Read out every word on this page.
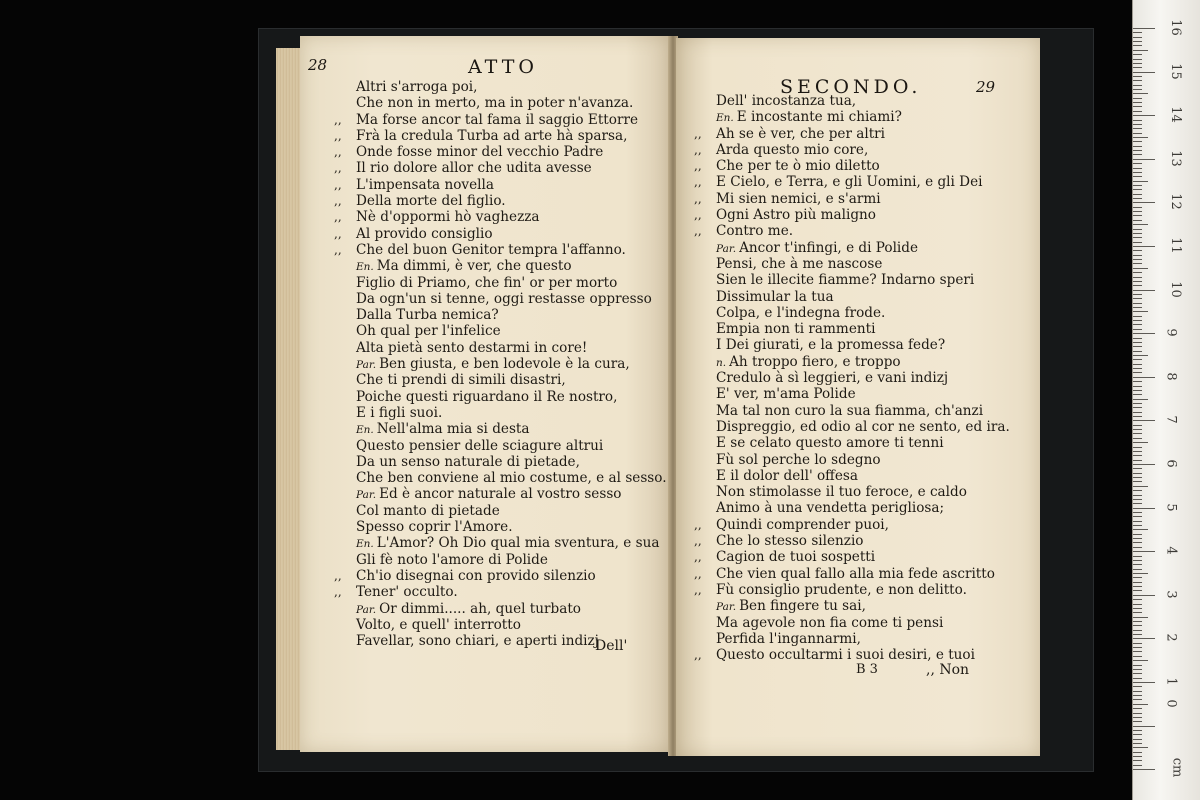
28	ATTO
Altri s'arroga poi,
Che non in merto, ma in poter n'avanza.
,, Ma forse ancor tal fama il saggio Ettorre
,, Frà la credula Turba ad arte hà sparsa,
,, Onde fosse minor del vecchio Padre
,, Il rio dolore allor che udita avesse
,, L'impensata novella
,, Della morte del figlio.
,, Nè d'oppormi hò vaghezza
,, Al provido consiglio
,, Che del buon Genitor tempra l'affanno.
En. Ma dimmi, è ver, che questo
Figlio di Priamo, che fin' or per morto
Da ogn'un si tenne, oggi restasse oppresso
Dalla Turba nemica?
Oh qual per l'infelice
Alta pietà sento destarmi in core!
Par. Ben giusta, e ben lodevole è la cura,
Che ti prendi di simili disastri,
Poiche questi riguardano il Re nostro,
E i figli suoi.
En. Nell'alma mia si desta
Questo pensier delle sciagure altrui
Da un senso naturale di pietade,
Che ben conviene al mio costume, e al sesso.
Par. Ed è ancor naturale al vostro sesso
Col manto di pietade
Spesso coprir l'Amore.
En. L'Amor? Oh Dio qual mia sventura, e sua
Gli fè noto l'amore di Polide
,, Ch'io disegnai con provido silenzio
,, Tener' occulto.
Par. Or dimmi..... ah, quel turbato
Volto, e quell' interrotto
Favellar, sono chiari, e aperti indizj
Dell'
SECONDO.	29
Dell' incostanza tua,
En. E incostante mi chiami?
,, Ah se è ver, che per altri
,, Arda questo mio core,
,, Che per te ò mio diletto
,, E Cielo, e Terra, e gli Uomini, e gli Dei
,, Mi sien nemici, e s'armi
,, Ogni Astro più maligno
,, Contro me.
Par. Ancor t'infingi, e di Polide
Pensi, che à me nascose
Sien le illecite fiamme? Indarno speri
Dissimular la tua
Colpa, e l'indegna frode.
Empia non ti rammenti
I Dei giurati, e la promessa fede?
n. Ah troppo fiero, e troppo
Credulo à sì leggieri, e vani indizj
E' ver, m'ama Polide
Ma tal non curo la sua fiamma, ch'anzi
Dispreggio, ed odio al cor ne sento, ed ira.
E se celato questo amore ti tenni
Fù sol perche lo sdegno
E il dolor dell' offesa
Non stimolasse il tuo feroce, e caldo
Animo à una vendetta perigliosa;
,, Quindi comprender puoi,
,, Che lo stesso silenzio
,, Cagion de tuoi sospetti
,, Che vien qual fallo alla mia fede ascritto
,, Fù consiglio prudente, e non delitto.
Par. Ben fingere tu sai,
Ma agevole non fia come ti pensi
Perfida l'ingannarmi,
,, Questo occultarmi i suoi desiri, e tuoi
B 3	,, Non
cm
16
15
14
13
12
11
10
9
8
7
6
5
4
3
2
1
0
